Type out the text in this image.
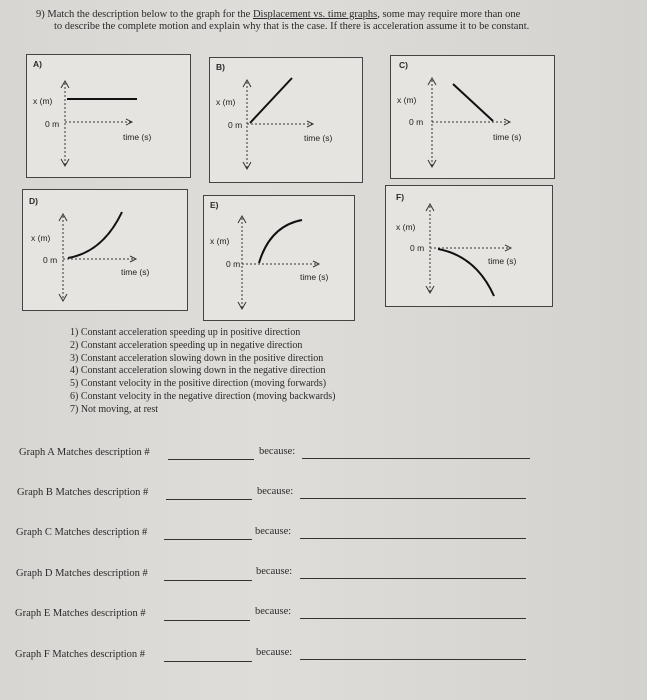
9) Match the description below to the graph for the Displacement vs. time graphs, some may require more than one
to describe the complete motion and explain why that is the case. If there is acceleration assume it to be constant.
A)
x (m)
0 m
time (s)
B)
x (m)
0 m
time (s)
C)
x (m)
0 m
time (s)
D)
x (m)
0 m
time (s)
E)
x (m)
0 m
time (s)
F)
x (m)
0 m
time (s)
1) Constant acceleration speeding up in positive direction
2) Constant acceleration speeding up in negative direction
3) Constant acceleration slowing down in the positive direction
4) Constant acceleration slowing down in the negative direction
5) Constant velocity in the positive direction (moving forwards)
6) Constant velocity in the negative direction (moving backwards)
7) Not moving, at rest
Graph A Matches description #	because:
Graph B Matches description #	because:
Graph C Matches description #	because:
Graph D Matches description #	because:
Graph E Matches description #	because:
Graph F Matches description #	because:
